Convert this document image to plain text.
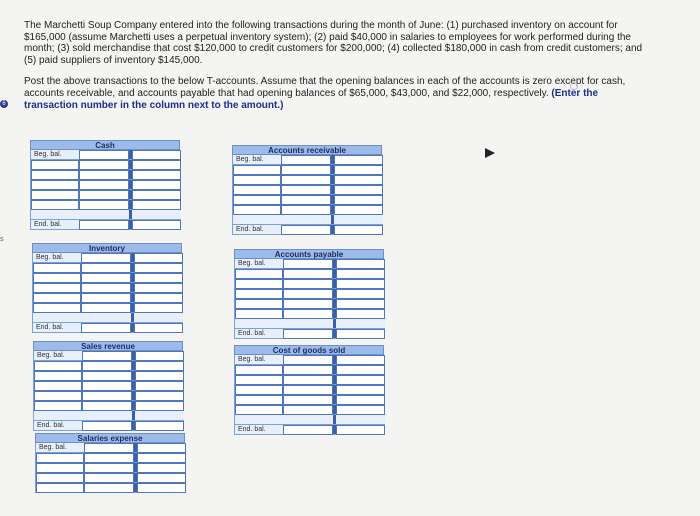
The Marchetti Soup Company entered into the following transactions during the month of June: (1) purchased inventory on account for $165,000 (assume Marchetti uses a perpetual inventory system); (2) paid $40,000 in salaries to employees for work performed during the month; (3) sold merchandise that cost $120,000 to credit customers for $200,000; (4) collected $180,000 in cash from credit customers; and (5) paid suppliers of inventory $145,000.

Post the above transactions to the below T-accounts. Assume that the opening balances in each of the accounts is zero except for cash, accounts receivable, and accounts payable that had opening balances of $65,000, $43,000, and $22,000, respectively. (Enter the transaction number in the column next to the amount.)

6
s
Cash
Beg. bal.
End. bal.
Accounts receivable
Beg. bal.
End. bal.
Inventory
Beg. bal.
End. bal.
Accounts payable
Beg. bal.
End. bal.
Sales revenue
Beg. bal.
End. bal.
Cost of goods sold
Beg. bal.
End. bal.
Salaries expense
Beg. bal.
